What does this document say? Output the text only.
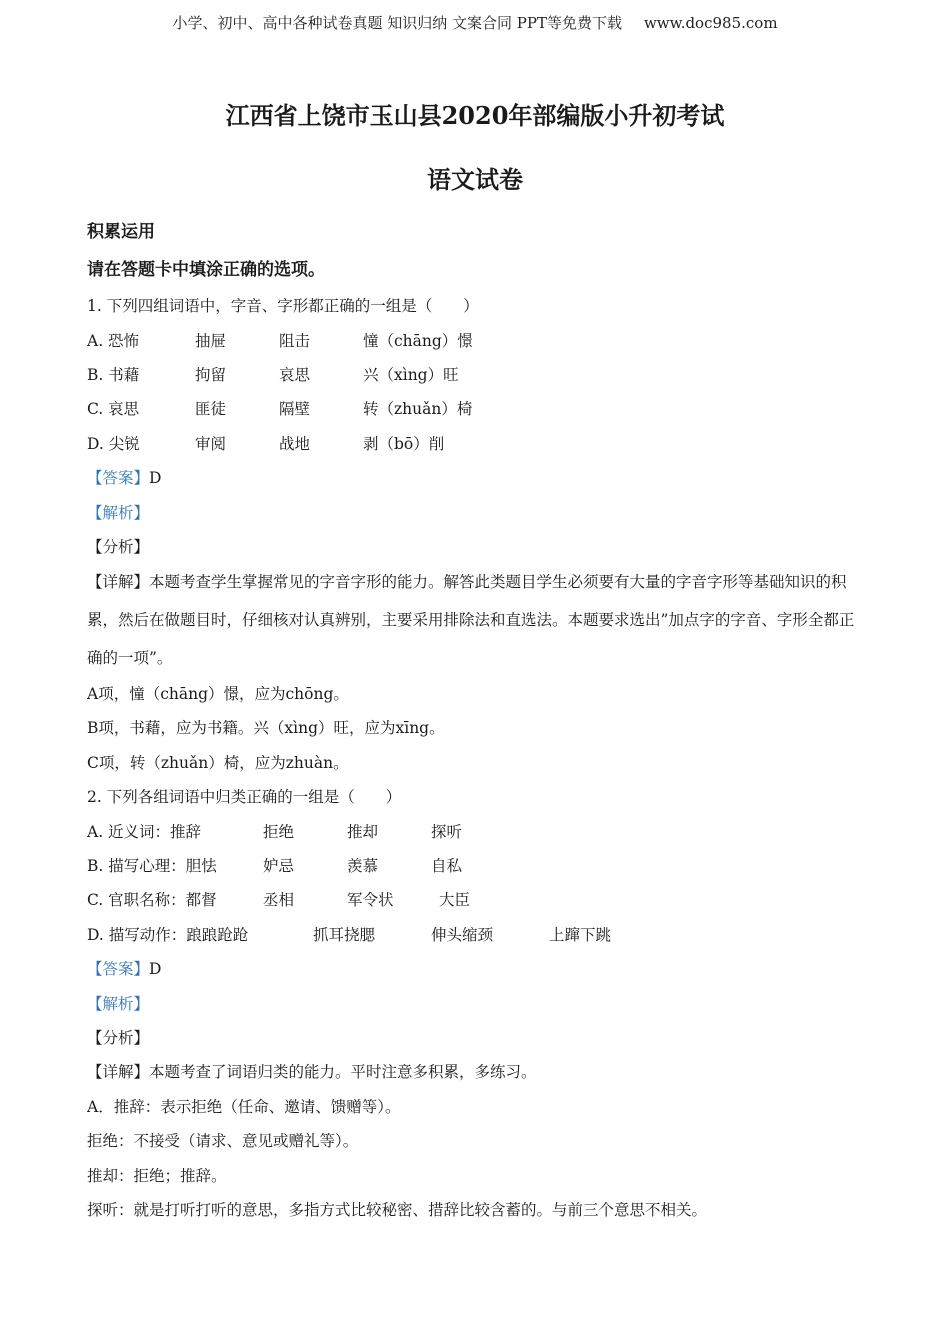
小学、初中、高中各种试卷真题 知识归纳 文案合同 PPT等免费下载 www.doc985.com
江西省上饶市玉山县2020年部编版小升初考试
语文试卷
积累运用
请在答题卡中填涂正确的选项。
1. 下列四组词语中，字音、字形都正确的一组是（　　）
A. 恐怖	抽屉	阻击	憧（chāng）憬
B. 书藉	拘留	哀思	兴（xìng）旺
C. 哀思	匪徒	隔壁	转（zhuǎn）椅
D. 尖锐	审阅	战地	剥（bō）削
【答案】D
【解析】
【分析】
【详解】本题考查学生掌握常见的字音字形的能力。解答此类题目学生必须要有大量的字音字形等基础知识的积累，然后在做题目时，仔细核对认真辨别，主要采用排除法和直选法。本题要求选出”加点字的字音、字形全都正确的一项”。
A项，憧（chāng）憬，应为chōng。
B项，书藉，应为书籍。兴（xìng）旺，应为xīng。
C项，转（zhuǎn）椅，应为zhuàn。
2. 下列各组词语中归类正确的一组是（　　）
A. 近义词：推辞	拒绝	推却	探听
B. 描写心理：胆怯	妒忌	羡慕	自私
C. 官职名称：都督	丞相	军令状	大臣
D. 描写动作：踉踉跄跄	抓耳挠腮	伸头缩颈	上蹿下跳
【答案】D
【解析】
【分析】
【详解】本题考查了词语归类的能力。平时注意多积累，多练习。
A．推辞：表示拒绝（任命、邀请、馈赠等）。
拒绝：不接受（请求、意见或赠礼等）。
推却：拒绝；推辞。
探听：就是打听打听的意思，多指方式比较秘密、措辞比较含蓄的。与前三个意思不相关。
